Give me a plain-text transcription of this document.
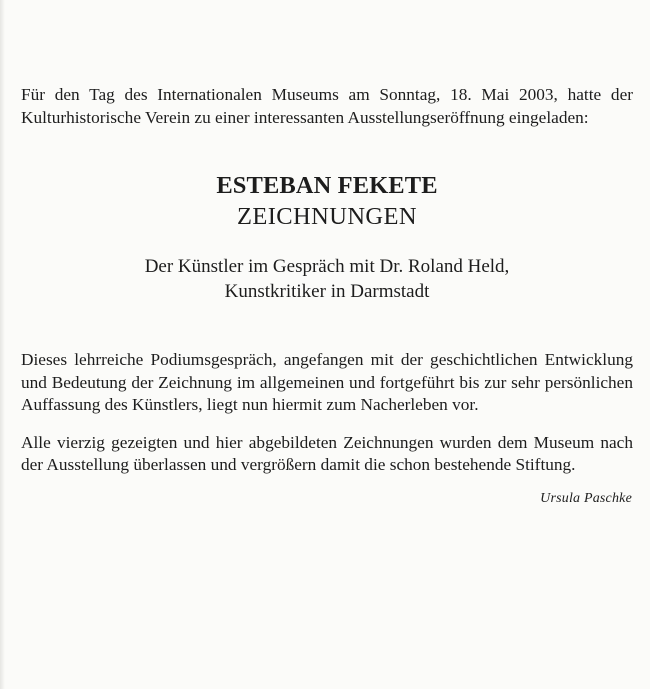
Für den Tag des Internationalen Museums am Sonntag, 18. Mai 2003, hatte der Kulturhistorische Verein zu einer interessanten Ausstellungseröffnung eingeladen:

ESTEBAN FEKETE
ZEICHNUNGEN
Der Künstler im Gespräch mit Dr. Roland Held,
Kunstkritiker in Darmstadt

Dieses lehrreiche Podiumsgespräch, angefangen mit der geschichtlichen Entwicklung und Bedeutung der Zeichnung im allgemeinen und fortgeführt bis zur sehr persönlichen Auffassung des Künstlers, liegt nun hiermit zum Nacherleben vor.

Alle vierzig gezeigten und hier abgebildeten Zeichnungen wurden dem Museum nach der Ausstellung überlassen und vergrößern damit die schon bestehende Stiftung.

Ursula Paschke
